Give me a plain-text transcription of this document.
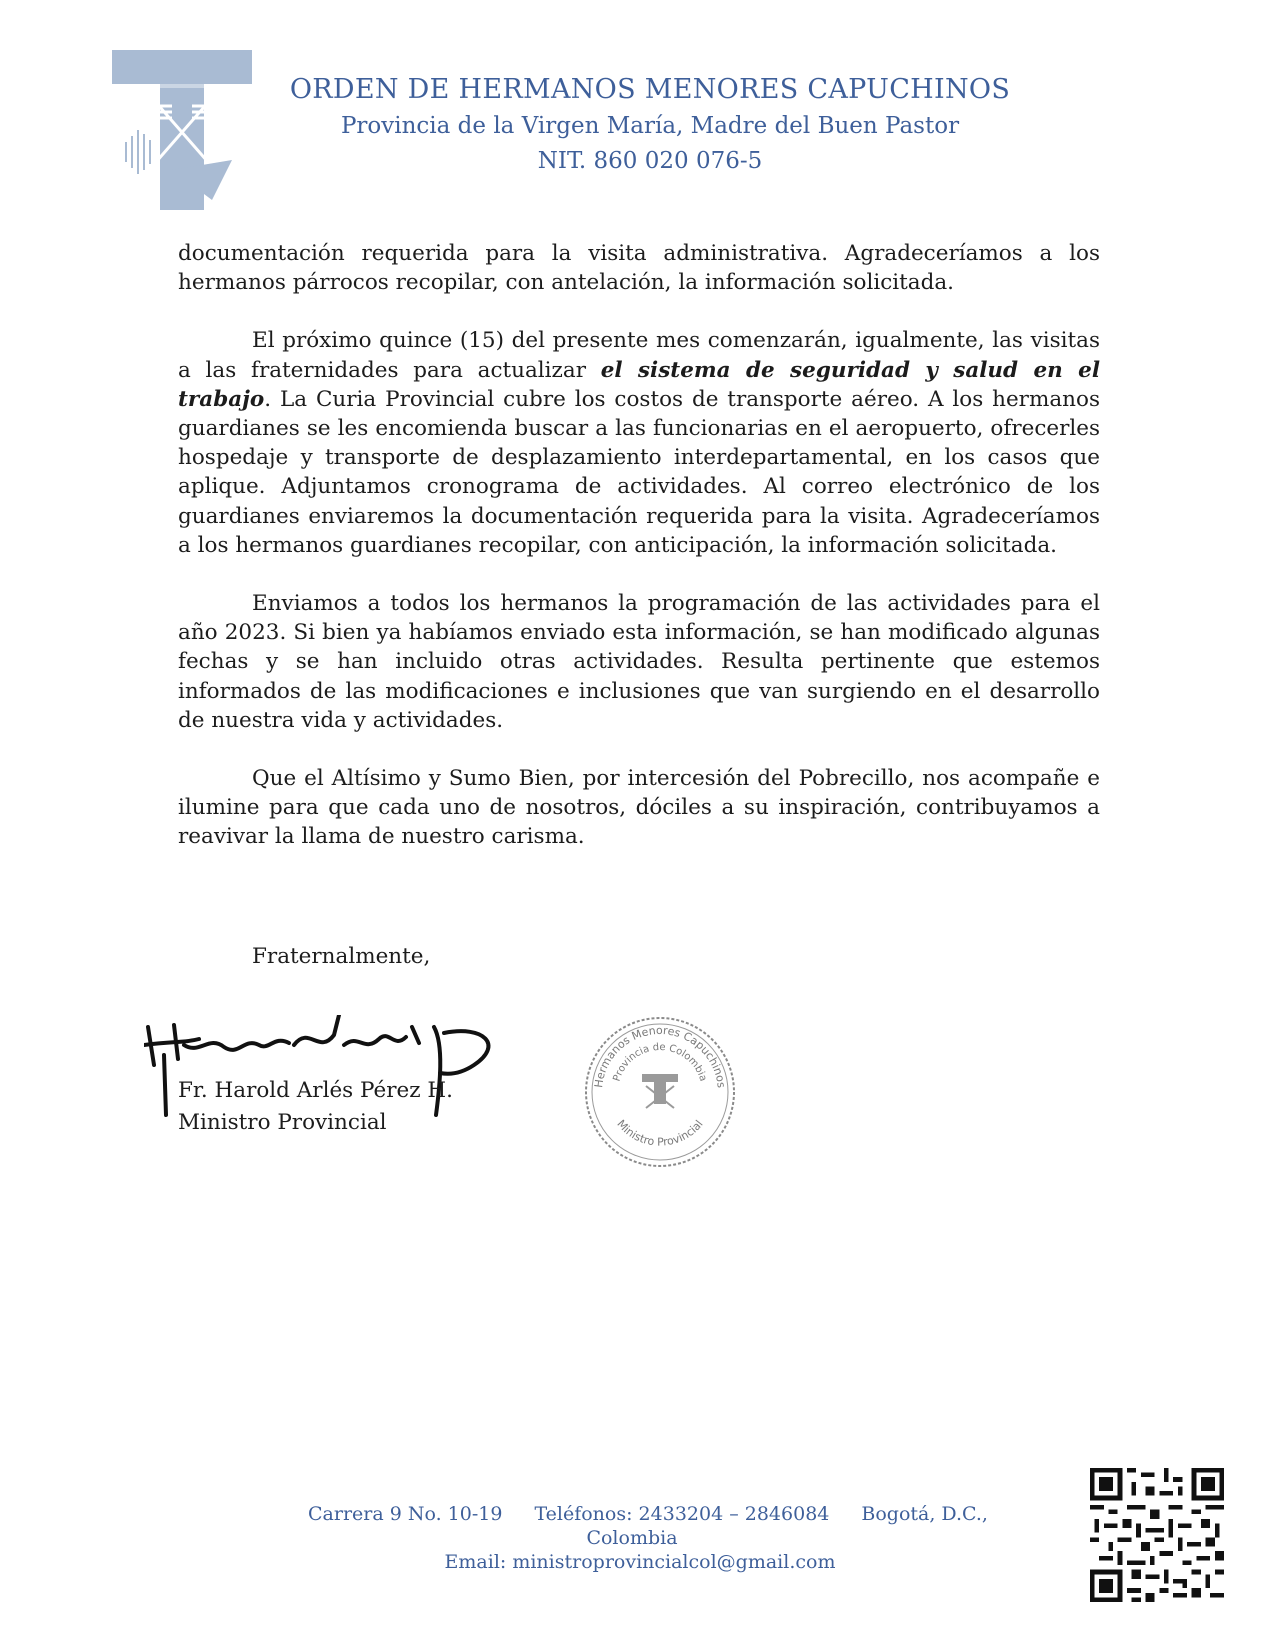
ORDEN DE HERMANOS MENORES CAPUCHINOS
Provincia de la Virgen María, Madre del Buen Pastor
NIT. 860 020 076-5

documentación requerida para la visita administrativa. Agradeceríamos a los hermanos párrocos recopilar, con antelación, la información solicitada.

El próximo quince (15) del presente mes comenzarán, igualmente, las visitas a las fraternidades para actualizar el sistema de seguridad y salud en el trabajo. La Curia Provincial cubre los costos de transporte aéreo. A los hermanos guardianes se les encomienda buscar a las funcionarias en el aeropuerto, ofrecerles hospedaje y transporte de desplazamiento interdepartamental, en los casos que aplique. Adjuntamos cronograma de actividades. Al correo electrónico de los guardianes enviaremos la documentación requerida para la visita. Agradeceríamos a los hermanos guardianes recopilar, con anticipación, la información solicitada.

Enviamos a todos los hermanos la programación de las actividades para el año 2023. Si bien ya habíamos enviado esta información, se han modificado algunas fechas y se han incluido otras actividades. Resulta pertinente que estemos informados de las modificaciones e inclusiones que van surgiendo en el desarrollo de nuestra vida y actividades.

Que el Altísimo y Sumo Bien, por intercesión del Pobrecillo, nos acompañe e ilumine para que cada uno de nosotros, dóciles a su inspiración, contribuyamos a reavivar la llama de nuestro carisma.

Fraternalmente,
Fr. Harold Arlés Pérez H.
Ministro Provincial
Hermanos Menores Capuchinos
Provincia de Colombia
Ministro Provincial
Carrera 9 No. 10-19 Teléfonos: 2433204 – 2846084 Bogotá, D.C., Colombia
Email: ministroprovincialcol@gmail.com
